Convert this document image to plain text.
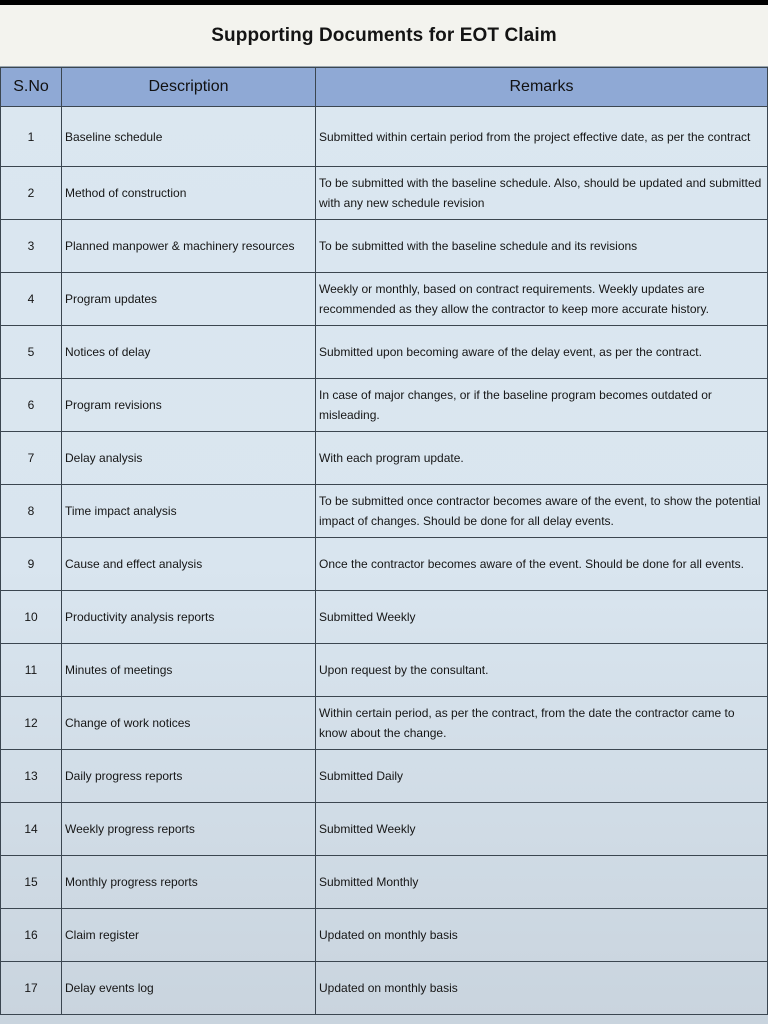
Supporting Documents for EOT Claim
S.No	Description	Remarks
1	Baseline schedule	Submitted within certain period from the project effective date, as per the contract
2	Method of construction	To be submitted with the baseline schedule. Also, should be updated and submitted with any new schedule revision
3	Planned manpower & machinery resources	To be submitted with the baseline schedule and its revisions
4	Program updates	Weekly or monthly, based on contract requirements. Weekly updates are recommended as they allow the contractor to keep more accurate history.
5	Notices of delay	Submitted upon becoming aware of the delay event, as per the contract.
6	Program revisions	In case of major changes, or if the baseline program becomes outdated or misleading.
7	Delay analysis	With each program update.
8	Time impact analysis	To be submitted once contractor becomes aware of the event, to show the potential impact of changes. Should be done for all delay events.
9	Cause and effect analysis	Once the contractor becomes aware of the event. Should be done for all events.
10	Productivity analysis reports	Submitted Weekly
11	Minutes of meetings	Upon request by the consultant.
12	Change of work notices	Within certain period, as per the contract, from the date the contractor came to know about the change.
13	Daily progress reports	Submitted Daily
14	Weekly progress reports	Submitted Weekly
15	Monthly progress reports	Submitted Monthly
16	Claim register	Updated on monthly basis
17	Delay events log	Updated on monthly basis
